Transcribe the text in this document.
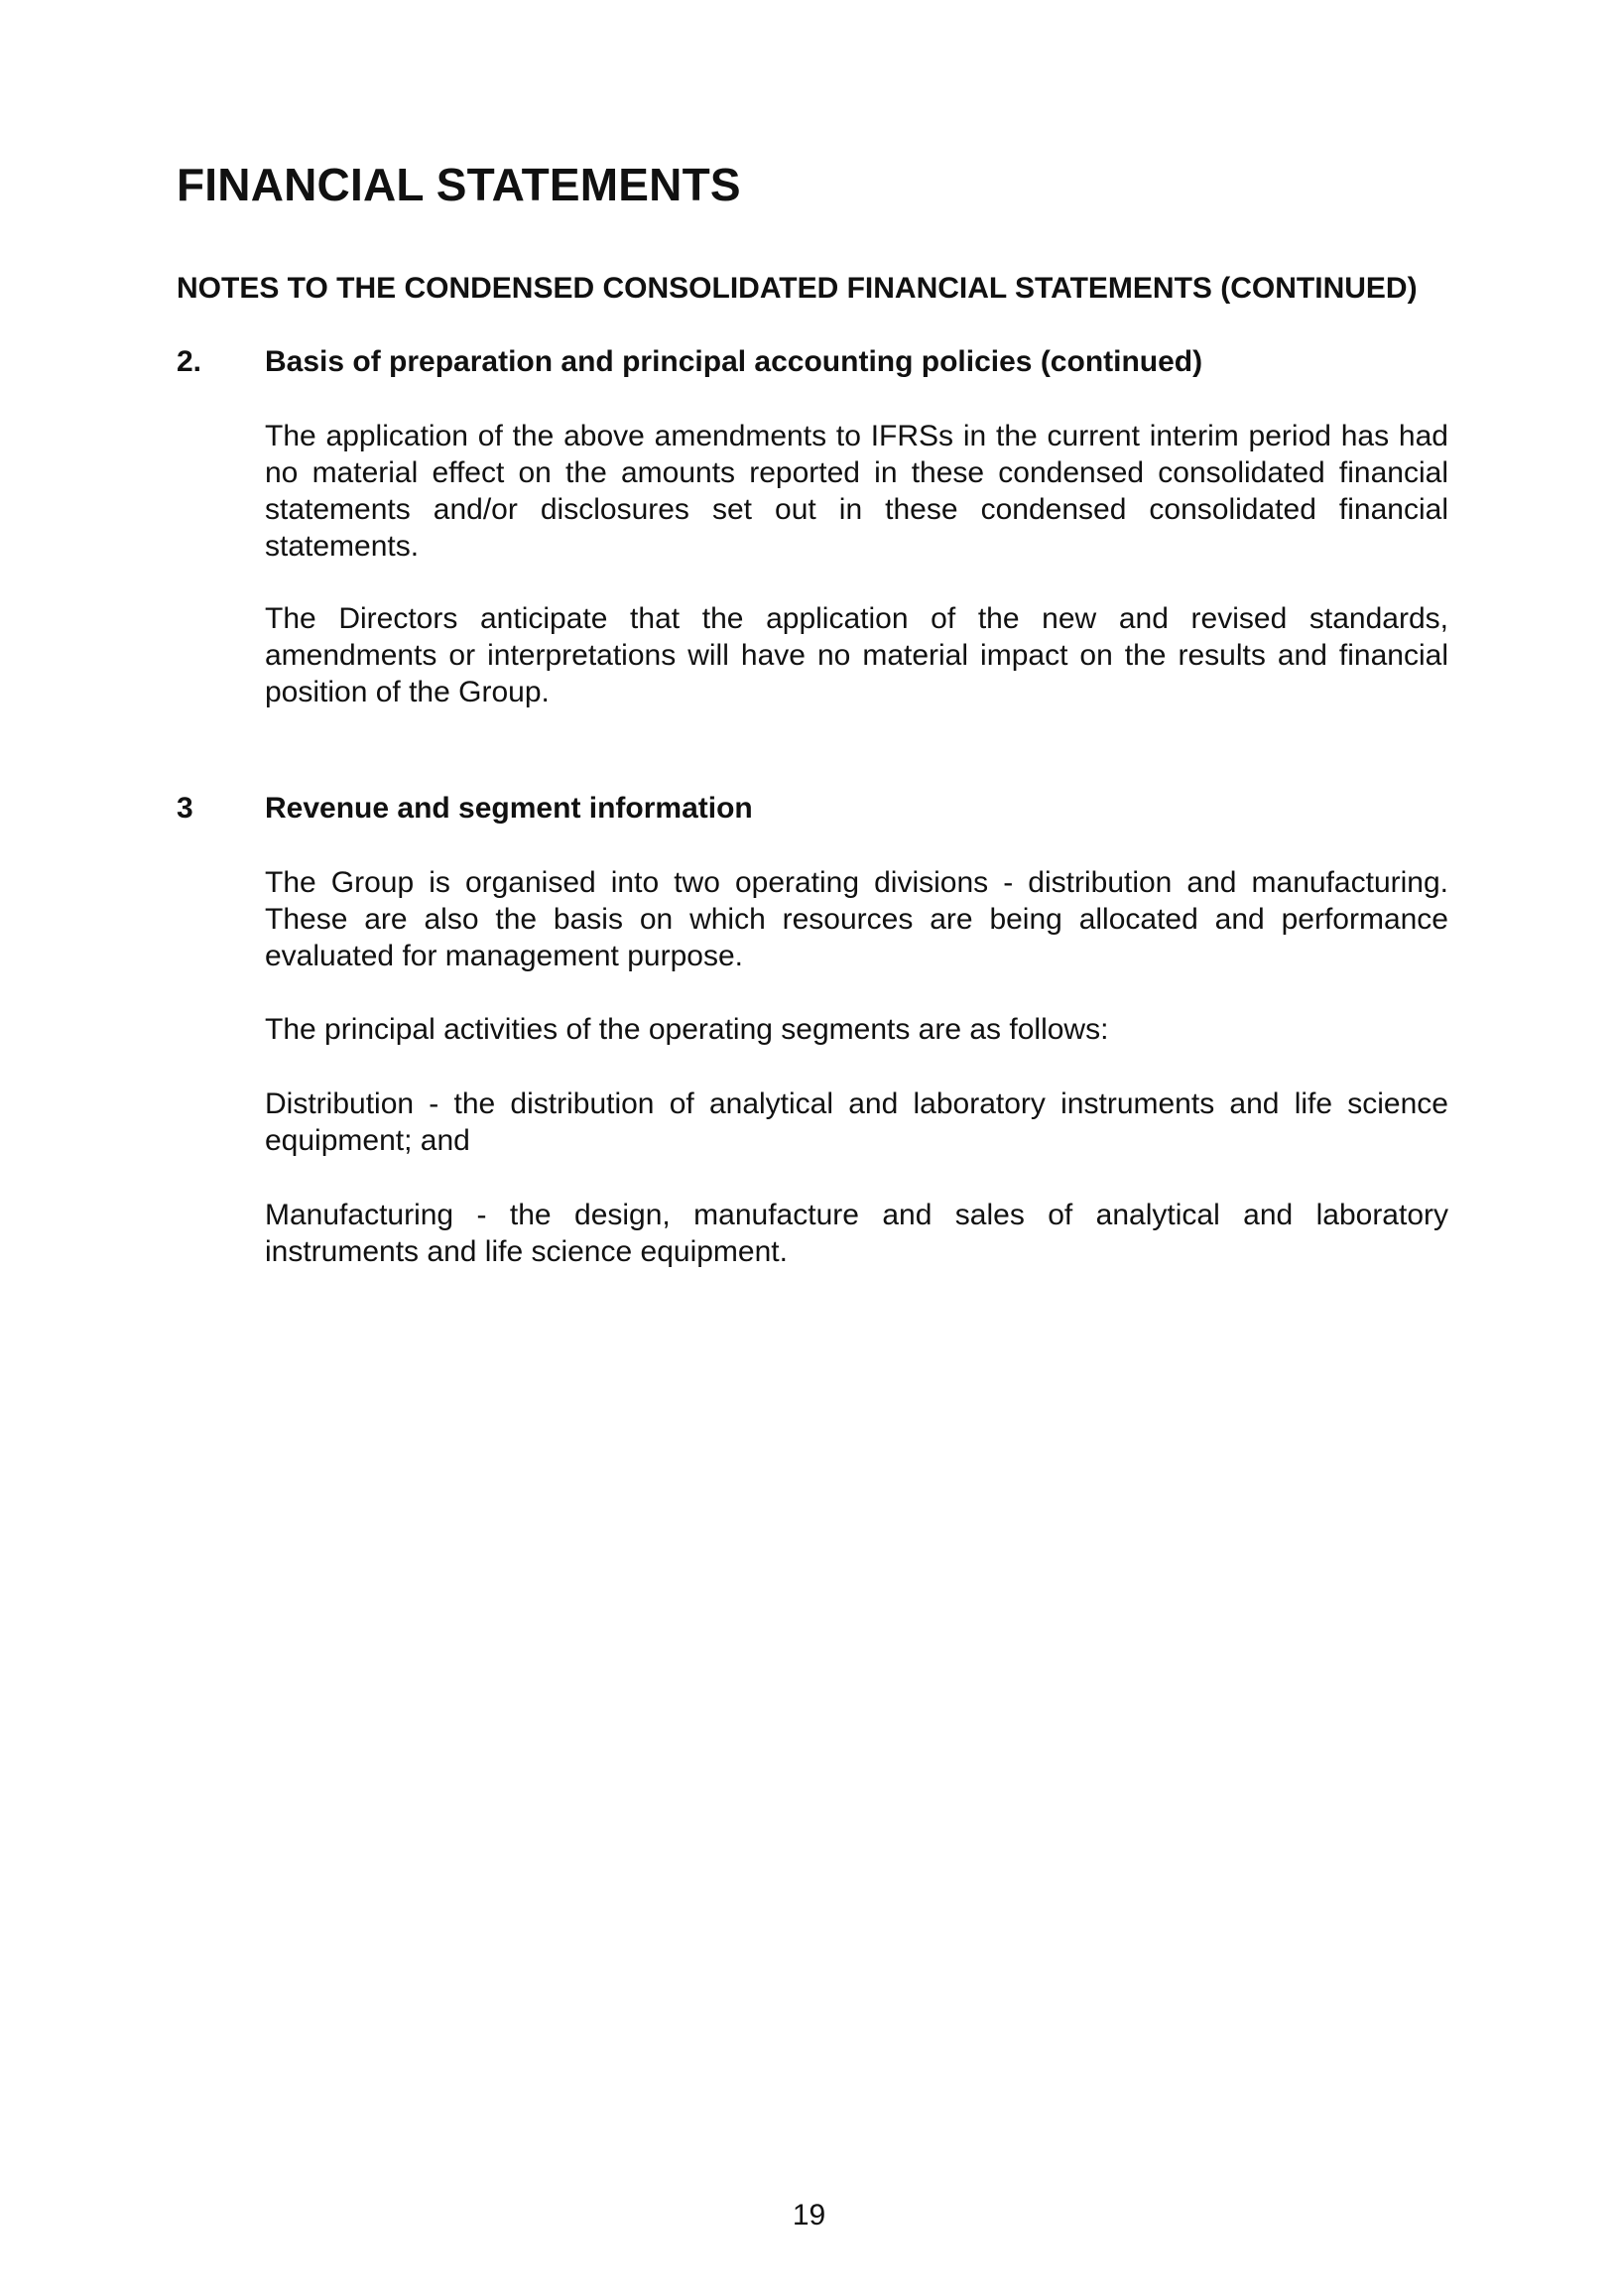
FINANCIAL STATEMENTS
NOTES TO THE CONDENSED CONSOLIDATED FINANCIAL STATEMENTS (CONTINUED)
2. Basis of preparation and principal accounting policies (continued)

The application of the above amendments to IFRSs in the current interim period has had no material effect on the amounts reported in these condensed consolidated financial statements and/or disclosures set out in these condensed consolidated financial statements.

The Directors anticipate that the application of the new and revised standards, amendments or interpretations will have no material impact on the results and financial position of the Group.

3 Revenue and segment information

The Group is organised into two operating divisions - distribution and manufacturing. These are also the basis on which resources are being allocated and performance evaluated for management purpose.

The principal activities of the operating segments are as follows:

Distribution - the distribution of analytical and laboratory instruments and life science equipment; and

Manufacturing - the design, manufacture and sales of analytical and laboratory instruments and life science equipment.

19
